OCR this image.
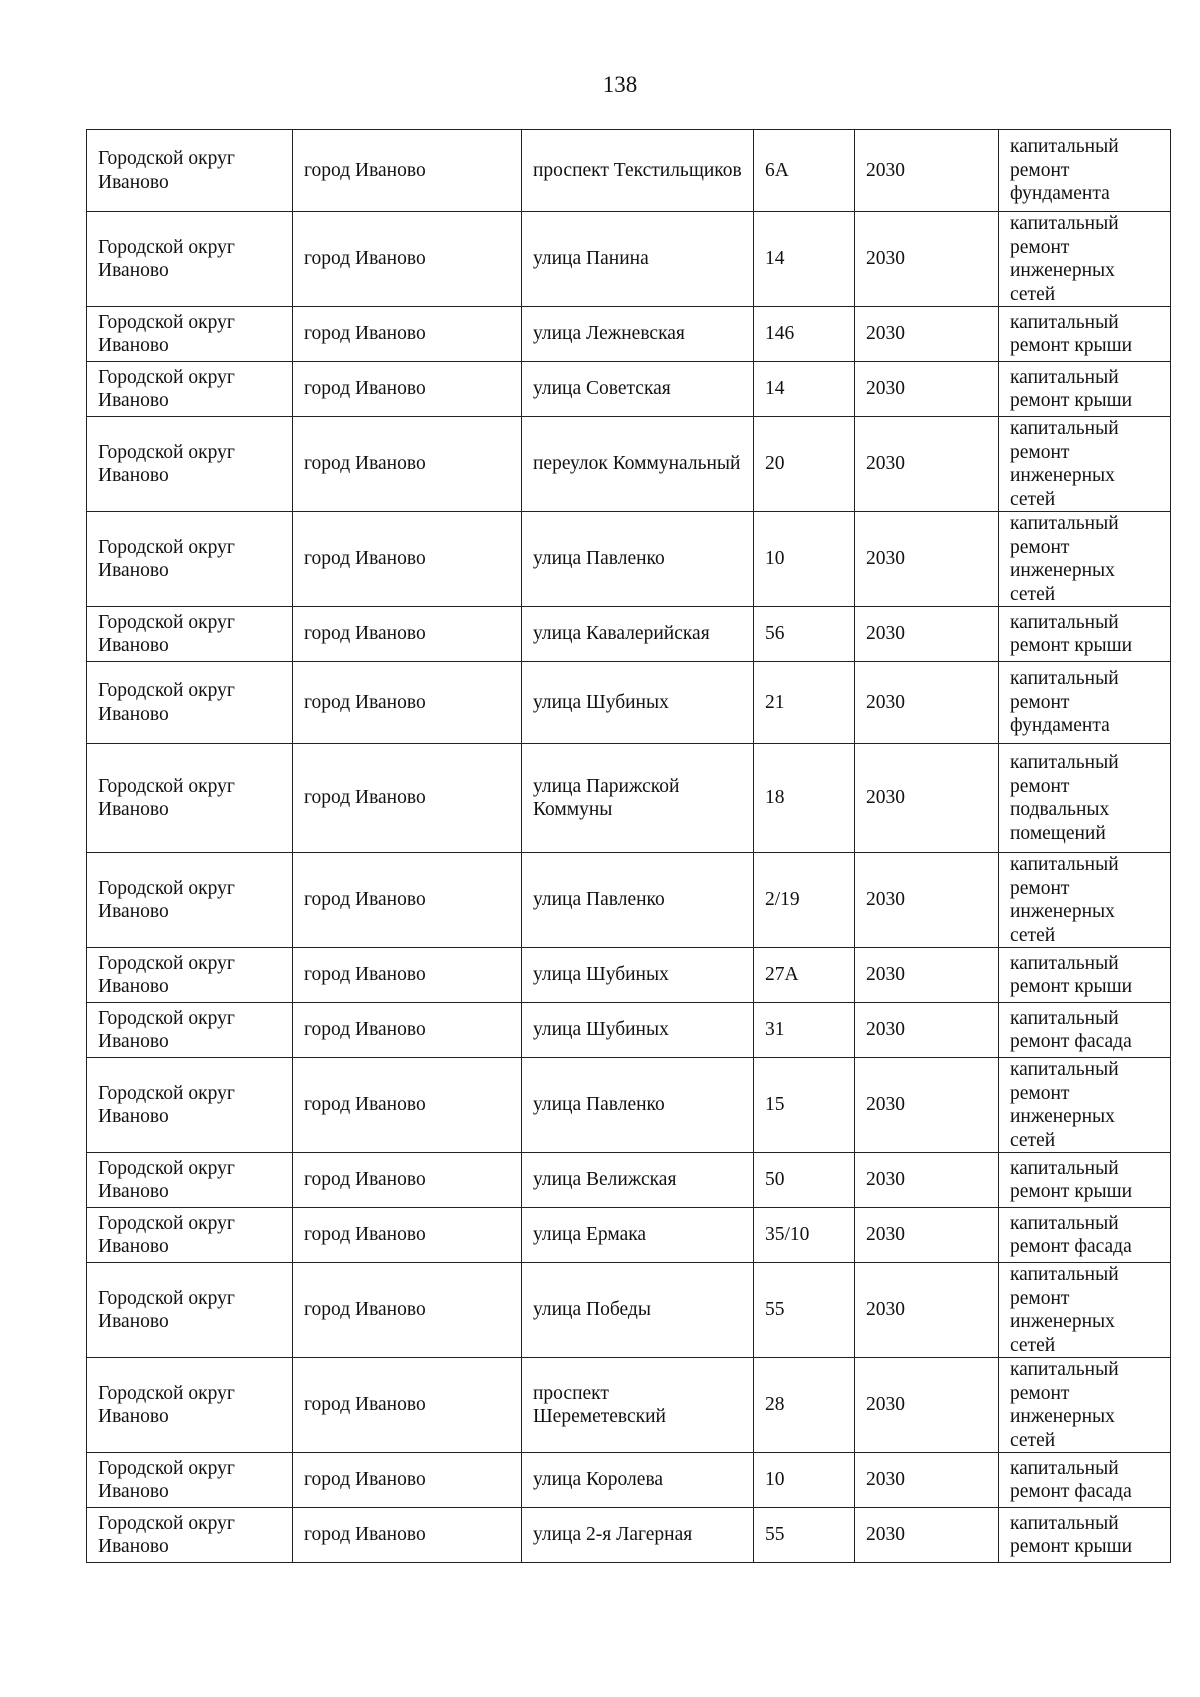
138
Городской округ Иваново	город Иваново	проспект Текстильщиков	6А	2030	капитальный ремонт фундамента
Городской округ Иваново	город Иваново	улица Панина	14	2030	капитальный ремонт инженерных сетей
Городской округ Иваново	город Иваново	улица Лежневская	146	2030	капитальный ремонт крыши
Городской округ Иваново	город Иваново	улица Советская	14	2030	капитальный ремонт крыши
Городской округ Иваново	город Иваново	переулок Коммунальный	20	2030	капитальный ремонт инженерных сетей
Городской округ Иваново	город Иваново	улица Павленко	10	2030	капитальный ремонт инженерных сетей
Городской округ Иваново	город Иваново	улица Кавалерийская	56	2030	капитальный ремонт крыши
Городской округ Иваново	город Иваново	улица Шубиных	21	2030	капитальный ремонт фундамента
Городской округ Иваново	город Иваново	улица Парижской Коммуны	18	2030	капитальный ремонт подвальных помещений
Городской округ Иваново	город Иваново	улица Павленко	2/19	2030	капитальный ремонт инженерных сетей
Городской округ Иваново	город Иваново	улица Шубиных	27А	2030	капитальный ремонт крыши
Городской округ Иваново	город Иваново	улица Шубиных	31	2030	капитальный ремонт фасада
Городской округ Иваново	город Иваново	улица Павленко	15	2030	капитальный ремонт инженерных сетей
Городской округ Иваново	город Иваново	улица Велижская	50	2030	капитальный ремонт крыши
Городской округ Иваново	город Иваново	улица Ермака	35/10	2030	капитальный ремонт фасада
Городской округ Иваново	город Иваново	улица Победы	55	2030	капитальный ремонт инженерных сетей
Городской округ Иваново	город Иваново	проспект Шереметевский	28	2030	капитальный ремонт инженерных сетей
Городской округ Иваново	город Иваново	улица Королева	10	2030	капитальный ремонт фасада
Городской округ Иваново	город Иваново	улица 2-я Лагерная	55	2030	капитальный ремонт крыши
